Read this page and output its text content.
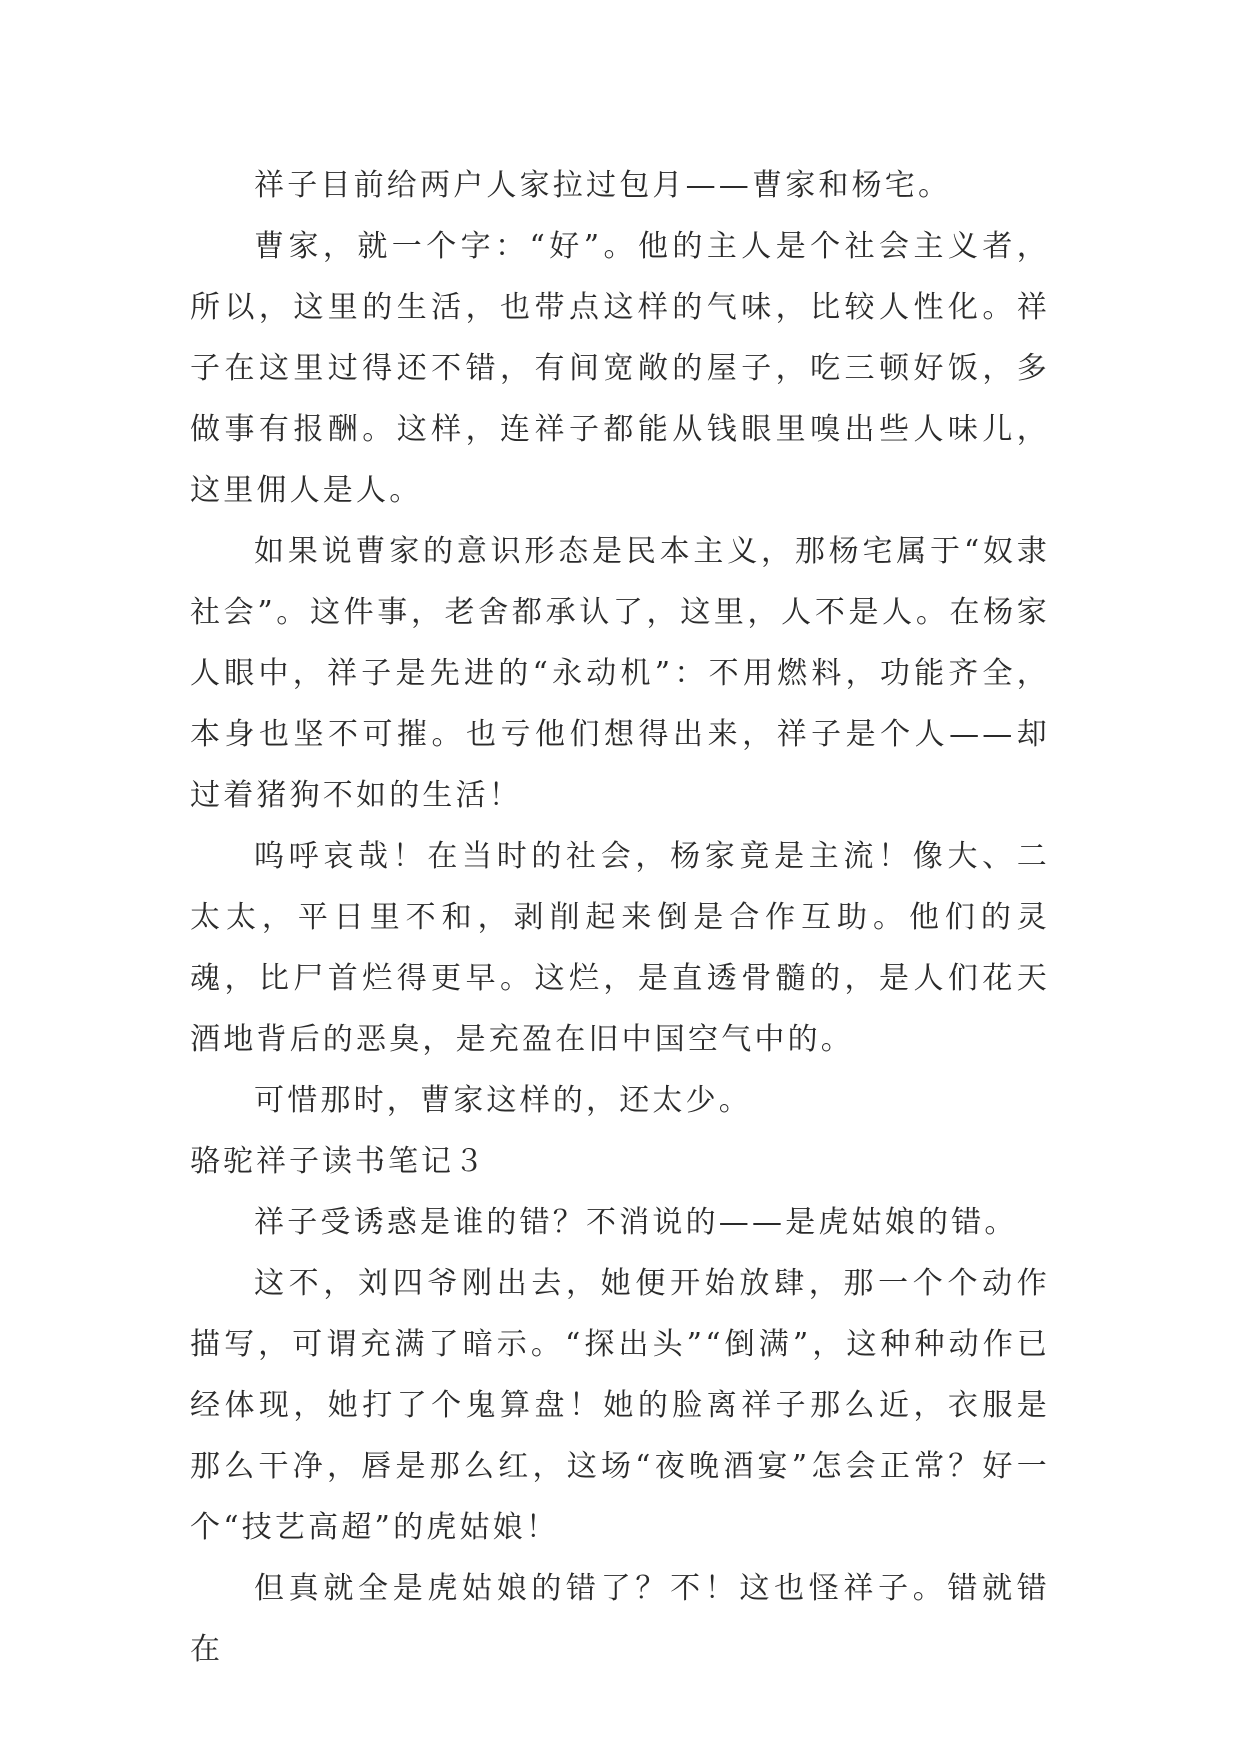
祥子目前给两户人家拉过包月——曹家和杨宅。

曹家，就一个字：“好”。他的主人是个社会主义者，所以，这里的生活，也带点这样的气味，比较人性化。祥子在这里过得还不错，有间宽敞的屋子，吃三顿好饭，多做事有报酬。这样，连祥子都能从钱眼里嗅出些人味儿，这里佣人是人。

如果说曹家的意识形态是民本主义，那杨宅属于“奴隶社会”。这件事，老舍都承认了，这里，人不是人。在杨家人眼中，祥子是先进的“永动机”：不用燃料，功能齐全，本身也坚不可摧。也亏他们想得出来，祥子是个人——却过着猪狗不如的生活！

呜呼哀哉！在当时的社会，杨家竟是主流！像大、二太太，平日里不和，剥削起来倒是合作互助。他们的灵魂，比尸首烂得更早。这烂，是直透骨髓的，是人们花天酒地背后的恶臭，是充盈在旧中国空气中的。

可惜那时，曹家这样的，还太少。

骆驼祥子读书笔记３

祥子受诱惑是谁的错？不消说的——是虎姑娘的错。

这不，刘四爷刚出去，她便开始放肆，那一个个动作描写，可谓充满了暗示。“探出头”“倒满”，这种种动作已经体现，她打了个鬼算盘！她的脸离祥子那么近，衣服是那么干净，唇是那么红，这场“夜晚酒宴”怎会正常？好一个“技艺高超”的虎姑娘！

但真就全是虎姑娘的错了？不！这也怪祥子。错就错在
